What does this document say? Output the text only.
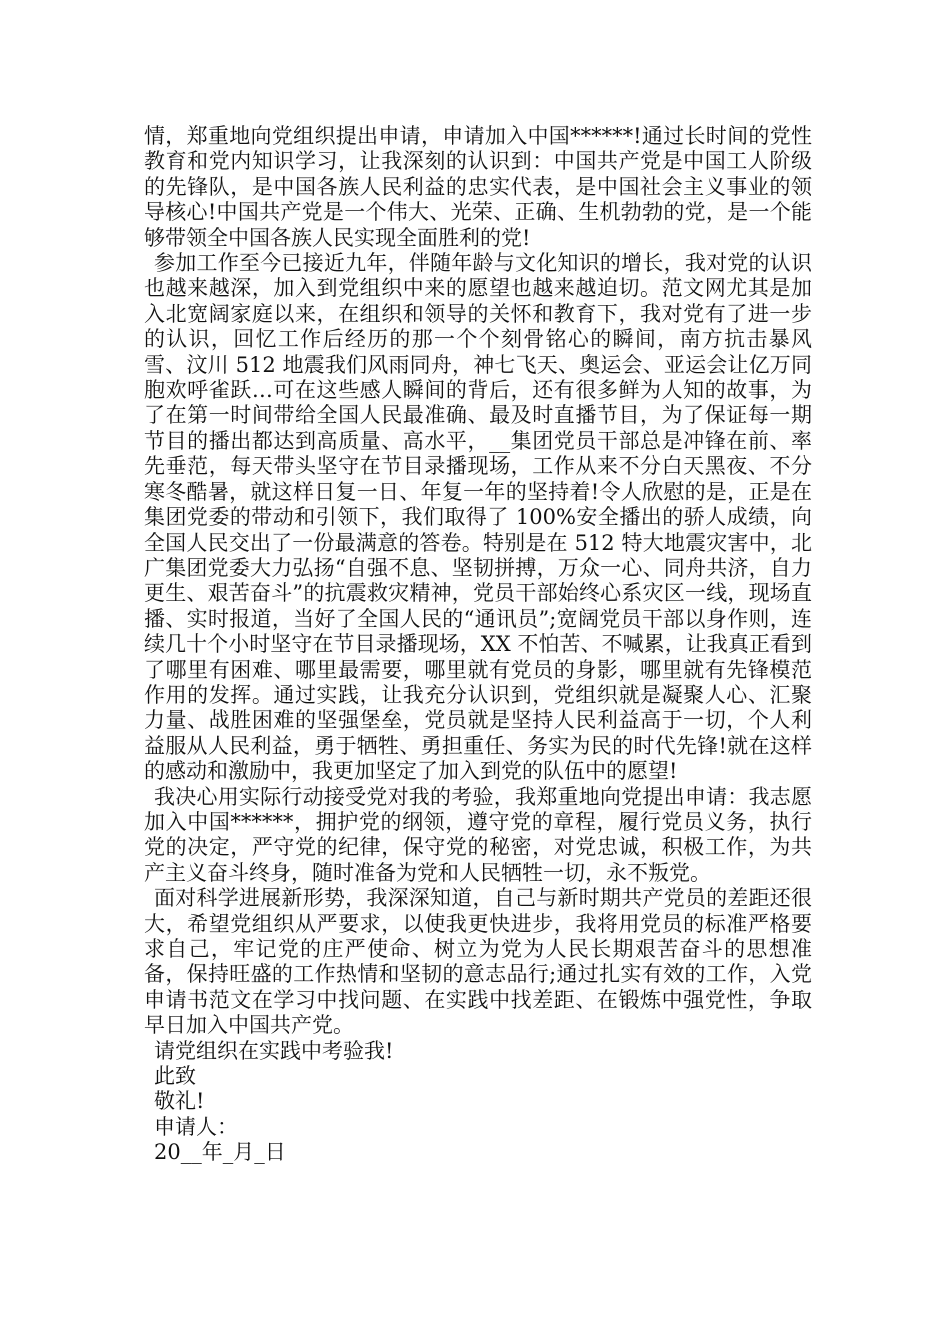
情，郑重地向党组织提出申请，申请加入中国******!通过长时间的党性教育和党内知识学习，让我深刻的认识到：中国共产党是中国工人阶级的先锋队，是中国各族人民利益的忠实代表，是中国社会主义事业的领导核心!中国共产党是一个伟大、光荣、正确、生机勃勃的党，是一个能够带领全中国各族人民实现全面胜利的党!

参加工作至今已接近九年，伴随年龄与文化知识的增长，我对党的认识也越来越深，加入到党组织中来的愿望也越来越迫切。范文网尤其是加入北宽阔家庭以来，在组织和领导的关怀和教育下，我对党有了进一步的认识，回忆工作后经历的那一个个刻骨铭心的瞬间，南方抗击暴风雪、汶川 512 地震我们风雨同舟，神七飞天、奥运会、亚运会让亿万同胞欢呼雀跃…可在这些感人瞬间的背后，还有很多鲜为人知的故事，为了在第一时间带给全国人民最准确、最及时直播节目，为了保证每一期节目的播出都达到高质量、高水平，__集团党员干部总是冲锋在前、率先垂范，每天带头坚守在节目录播现场，工作从来不分白天黑夜、不分寒冬酷暑，就这样日复一日、年复一年的坚持着!令人欣慰的是，正是在集团党委的带动和引领下，我们取得了 100%安全播出的骄人成绩，向全国人民交出了一份最满意的答卷。特别是在 512 特大地震灾害中，北广集团党委大力弘扬“自强不息、坚韧拼搏，万众一心、同舟共济，自力更生、艰苦奋斗”的抗震救灾精神，党员干部始终心系灾区一线，现场直播、实时报道，当好了全国人民的“通讯员”;宽阔党员干部以身作则，连续几十个小时坚守在节目录播现场，XX 不怕苦、不喊累，让我真正看到了哪里有困难、哪里最需要，哪里就有党员的身影，哪里就有先锋模范作用的发挥。通过实践，让我充分认识到，党组织就是凝聚人心、汇聚力量、战胜困难的坚强堡垒，党员就是坚持人民利益高于一切，个人利益服从人民利益，勇于牺牲、勇担重任、务实为民的时代先锋!就在这样的感动和激励中，我更加坚定了加入到党的队伍中的愿望!

我决心用实际行动接受党对我的考验，我郑重地向党提出申请：我志愿加入中国******，拥护党的纲领，遵守党的章程，履行党员义务，执行党的决定，严守党的纪律，保守党的秘密，对党忠诚，积极工作，为共产主义奋斗终身，随时准备为党和人民牺牲一切，永不叛党。

面对科学进展新形势，我深深知道，自己与新时期共产党员的差距还很大，希望党组织从严要求，以使我更快进步，我将用党员的标准严格要求自己，牢记党的庄严使命、树立为党为人民长期艰苦奋斗的思想准备，保持旺盛的工作热情和坚韧的意志品行;通过扎实有效的工作，入党申请书范文在学习中找问题、在实践中找差距、在锻炼中强党性，争取早日加入中国共产党。

请党组织在实践中考验我!

此致

敬礼!

申请人：

20__年_月_日
